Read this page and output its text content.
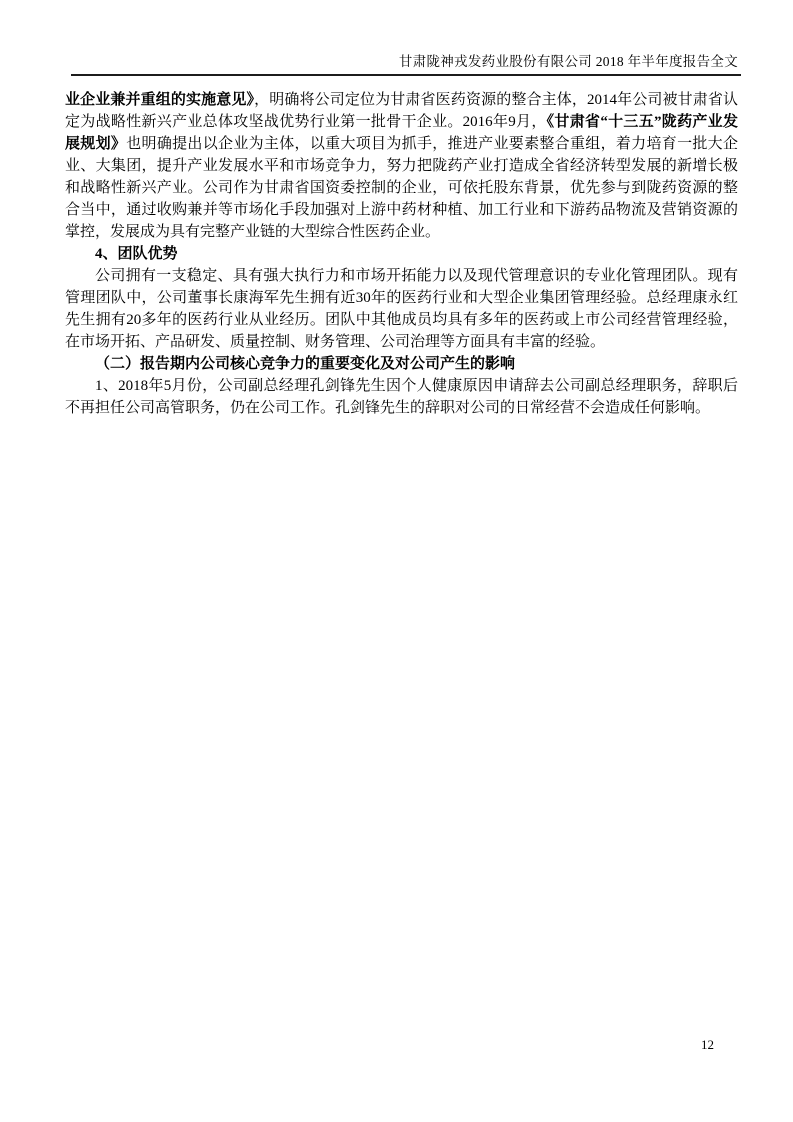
甘肃陇神戎发药业股份有限公司 2018 年半年度报告全文

业企业兼并重组的实施意见》，明确将公司定位为甘肃省医药资源的整合主体，2014年公司被甘肃省认定为战略性新兴产业总体攻坚战优势行业第一批骨干企业。2016年9月，《甘肃省“十三五”陇药产业发展规划》也明确提出以企业为主体，以重大项目为抓手，推进产业要素整合重组，着力培育一批大企业、大集团，提升产业发展水平和市场竞争力，努力把陇药产业打造成全省经济转型发展的新增长极和战略性新兴产业。公司作为甘肃省国资委控制的企业，可依托股东背景，优先参与到陇药资源的整合当中，通过收购兼并等市场化手段加强对上游中药材种植、加工行业和下游药品物流及营销资源的掌控，发展成为具有完整产业链的大型综合性医药企业。

4、团队优势

公司拥有一支稳定、具有强大执行力和市场开拓能力以及现代管理意识的专业化管理团队。现有管理团队中，公司董事长康海军先生拥有近30年的医药行业和大型企业集团管理经验。总经理康永红先生拥有20多年的医药行业从业经历。团队中其他成员均具有多年的医药或上市公司经营管理经验，在市场开拓、产品研发、质量控制、财务管理、公司治理等方面具有丰富的经验。

（二）报告期内公司核心竞争力的重要变化及对公司产生的影响

1、2018年5月份，公司副总经理孔剑锋先生因个人健康原因申请辞去公司副总经理职务，辞职后不再担任公司高管职务，仍在公司工作。孔剑锋先生的辞职对公司的日常经营不会造成任何影响。

12
